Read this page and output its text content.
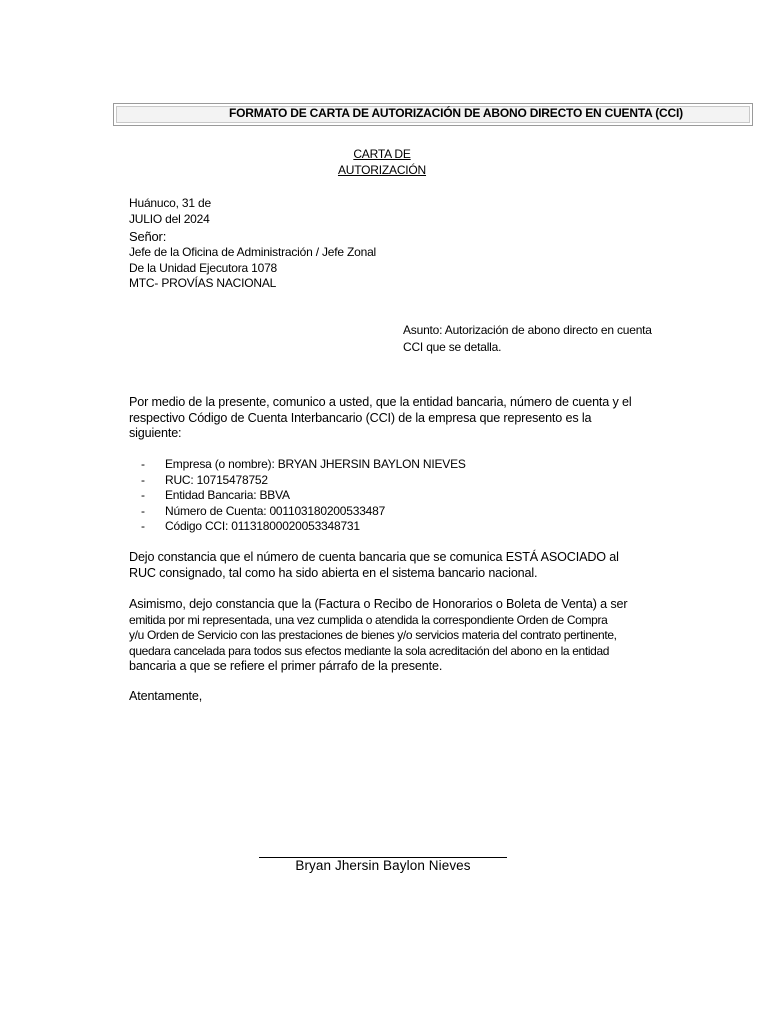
FORMATO DE CARTA DE AUTORIZACIÓN DE ABONO DIRECTO EN CUENTA (CCI)
CARTA DE
AUTORIZACIÓN
Huánuco, 31 de
JULIO del 2024
Señor:
Jefe de la Oficina de Administración / Jefe Zonal
De la Unidad Ejecutora 1078
MTC- PROVÍAS NACIONAL
Asunto: Autorización de abono directo en cuenta
CCI que se detalla.
Por medio de la presente, comunico a usted, que la entidad bancaria, número de cuenta y el
respectivo Código de Cuenta Interbancario (CCI) de la empresa que represento es la
siguiente:
- Empresa (o nombre): BRYAN JHERSIN BAYLON NIEVES
- RUC: 10715478752
- Entidad Bancaria: BBVA
- Número de Cuenta: 001103180200533487
- Código CCI: 01131800020053348731
Dejo constancia que el número de cuenta bancaria que se comunica ESTÁ ASOCIADO al
RUC consignado, tal como ha sido abierta en el sistema bancario nacional.
Asimismo, dejo constancia que la (Factura o Recibo de Honorarios o Boleta de Venta) a ser
emitida por mi representada, una vez cumplida o atendida la correspondiente Orden de Compra
y/u Orden de Servicio con las prestaciones de bienes y/o servicios materia del contrato pertinente,
quedara cancelada para todos sus efectos mediante la sola acreditación del abono en la entidad
bancaria a que se refiere el primer párrafo de la presente.
Atentamente,
Bryan Jhersin Baylon Nieves
